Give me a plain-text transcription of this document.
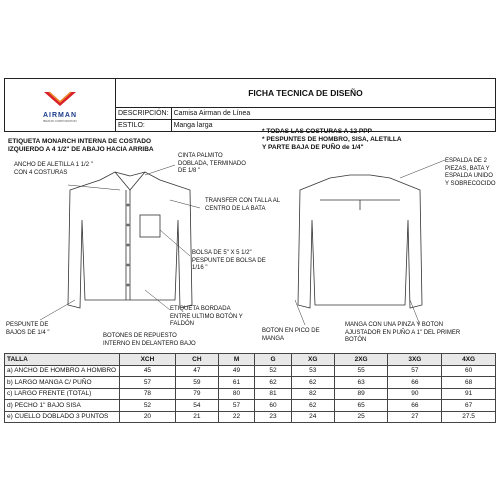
AIRMAN
BRAND CORPORATION	FICHA TECNICA DE DISEÑO	
	DESCRIPCIÓN:	Camisa Airman de Línea
	ESTILO:	Manga larga
ETIQUETA MONARCH INTERNA DE COSTADO
IZQUIERDO A 4 1/2" DE ABAJO HACIA ARRIBA
* TODAS LAS COSTURAS A 12 PPP
* PESPUNTES DE HOMBRO, SISA, ALETILLA
Y PARTE BAJA DE PUÑO de 1/4"
ANCHO DE ALETILLA 1 1/2 "
CON 4 COSTURAS
CINTA PALMITO
DOBLADA, TERMINADO
DE 1/8 "
ESPALDA DE 2
PIEZAS, BATA Y
ESPALDA UNIDO
Y SOBRECOCIDO
TRANSFER CON TALLA AL
CENTRO DE LA BATA
BOLSA DE 5" X 5 1/2"
PESPUNTE DE BOLSA DE
1/16 "
PESPUNTE DE
BAJOS DE 1/4 "
ETIQUETA BORDADA
ENTRE ULTIMO BOTÓN Y
FALDÓN
BOTONES DE REPUESTO
INTERNO EN DELANTERO BAJO
BOTON EN PICO DE
MANGA
MANGA CON UNA PINZA Y BOTON
AJUSTADOR EN PUÑO A 1" DEL PRIMER
BOTÓN
TALLA	XCH	CH	M	G	XG	2XG	3XG	4XG
a) ANCHO DE HOMBRO A HOMBRO	45	47	49	52	53	55	57	60
b) LARGO MANGA C/ PUÑO	57	59	61	62	62	63	66	68
c) LARGO FRENTE (TOTAL)	78	79	80	81	82	89	90	91
d) PECHO 1" BAJO SISA	52	54	57	60	62	65	66	67
e) CUELLO DOBLADO 3 PUNTOS	20	21	22	23	24	25	27	27.5
